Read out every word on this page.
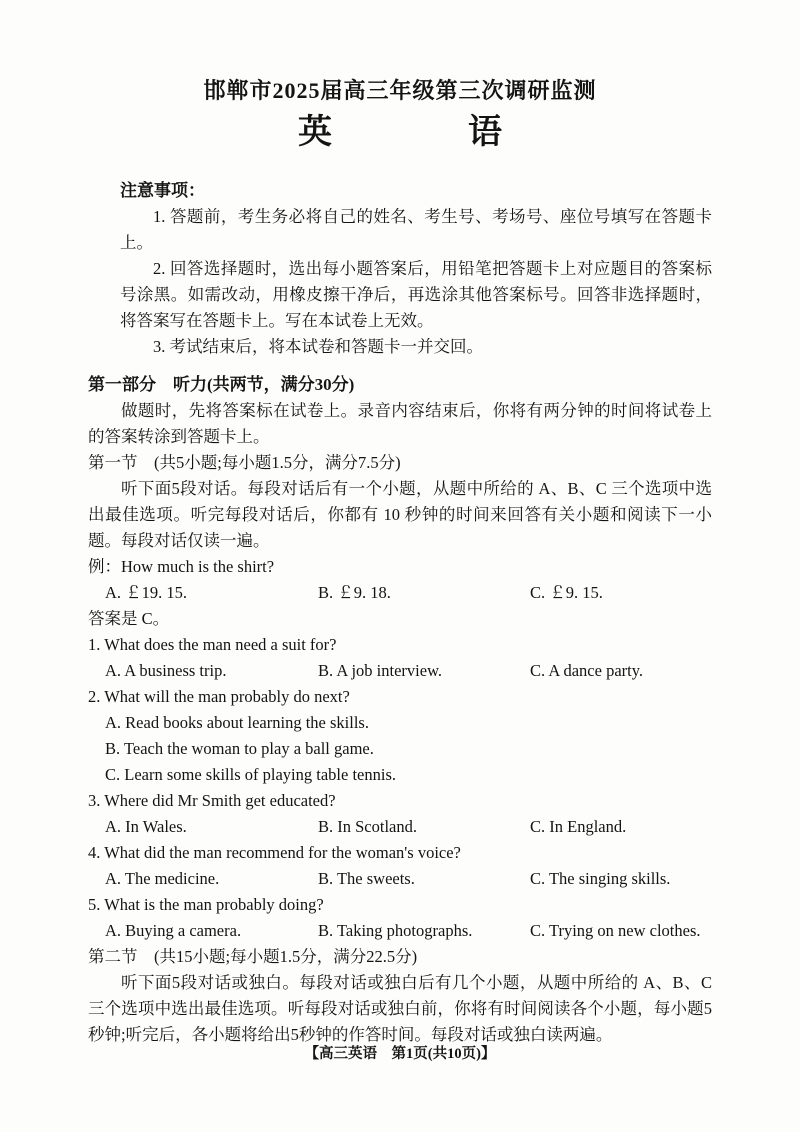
邯郸市2025届高三年级第三次调研监测
英　　　　语
注意事项：

1. 答题前，考生务必将自己的姓名、考生号、考场号、座位号填写在答题卡上。

2. 回答选择题时，选出每小题答案后，用铅笔把答题卡上对应题目的答案标号涂黑。如需改动，用橡皮擦干净后，再选涂其他答案标号。回答非选择题时，将答案写在答题卡上。写在本试卷上无效。

3. 考试结束后，将本试卷和答题卡一并交回。

第一部分　听力(共两节，满分30分)

做题时，先将答案标在试卷上。录音内容结束后，你将有两分钟的时间将试卷上的答案转涂到答题卡上。

第一节　(共5小题;每小题1.5分，满分7.5分)

听下面5段对话。每段对话后有一个小题，从题中所给的 A、B、C 三个选项中选出最佳选项。听完每段对话后，你都有 10 秒钟的时间来回答有关小题和阅读下一小题。每段对话仅读一遍。

例：How much is the shirt?

A. ￡19. 15.	B. ￡9. 18.	C. ￡9. 15.

答案是 C。

1. What does the man need a suit for?

A. A business trip.	B. A job interview.	C. A dance party.

2. What will the man probably do next?

A. Read books about learning the skills.
B. Teach the woman to play a ball game.
C. Learn some skills of playing table tennis.

3. Where did Mr Smith get educated?

A. In Wales.	B. In Scotland.	C. In England.

4. What did the man recommend for the woman's voice?

A. The medicine.	B. The sweets.	C. The singing skills.

5. What is the man probably doing?

A. Buying a camera.	B. Taking photographs.	C. Trying on new clothes.
第二节　(共15小题;每小题1.5分，满分22.5分)

听下面5段对话或独白。每段对话或独白后有几个小题，从题中所给的 A、B、C 三个选项中选出最佳选项。听每段对话或独白前，你将有时间阅读各个小题，每小题5秒钟;听完后，各小题将给出5秒钟的作答时间。每段对话或独白读两遍。

【高三英语　第1页(共10页)】
